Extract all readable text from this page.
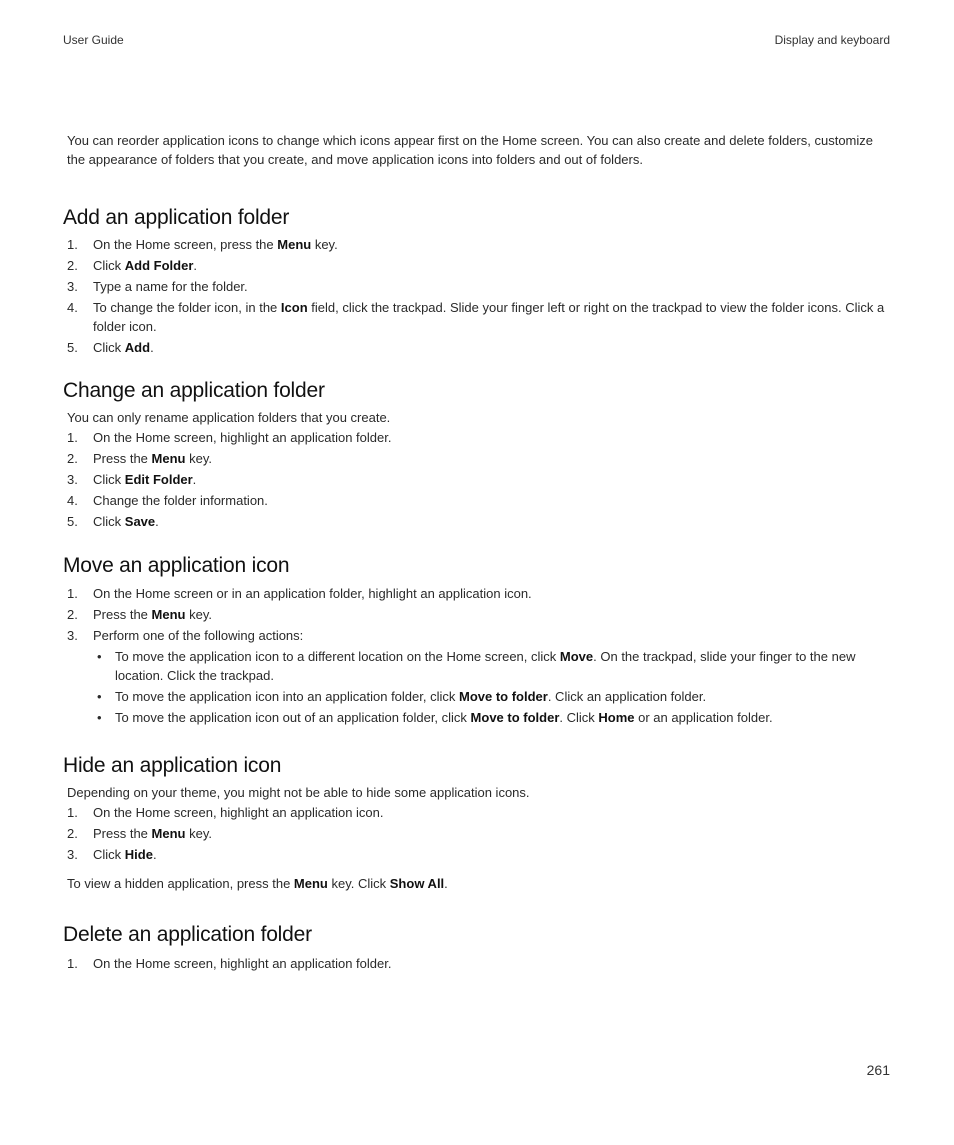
User Guide	Display and keyboard

You can reorder application icons to change which icons appear first on the Home screen. You can also create and delete folders, customize the appearance of folders that you create, and move application icons into folders and out of folders.

Add an application folder
1. On the Home screen, press the Menu key.
2. Click Add Folder.
3. Type a name for the folder.
4. To change the folder icon, in the Icon field, click the trackpad. Slide your finger left or right on the trackpad to view the folder icons. Click a folder icon.
5. Click Add.
Change an application folder

You can only rename application folders that you create.

1. On the Home screen, highlight an application folder.
2. Press the Menu key.
3. Click Edit Folder.
4. Change the folder information.
5. Click Save.
Move an application icon
1. On the Home screen or in an application folder, highlight an application icon.
2. Press the Menu key.
3. Perform one of the following actions:
• To move the application icon to a different location on the Home screen, click Move. On the trackpad, slide your finger to the new location. Click the trackpad.
• To move the application icon into an application folder, click Move to folder. Click an application folder.
• To move the application icon out of an application folder, click Move to folder. Click Home or an application folder.
Hide an application icon

Depending on your theme, you might not be able to hide some application icons.

1. On the Home screen, highlight an application icon.
2. Press the Menu key.
3. Click Hide.

To view a hidden application, press the Menu key. Click Show All.

Delete an application folder
1. On the Home screen, highlight an application folder.
261
